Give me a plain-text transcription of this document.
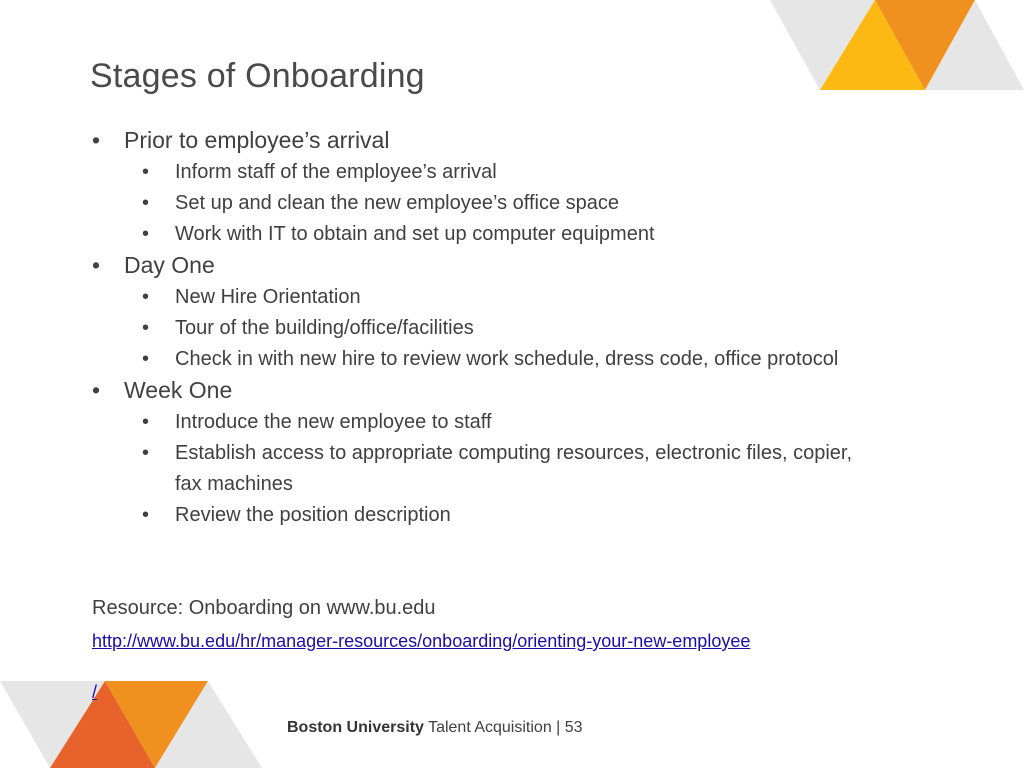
Stages of Onboarding
• Prior to employee’s arrival
• Inform staff of the employee’s arrival
• Set up and clean the new employee’s office space
• Work with IT to obtain and set up computer equipment
• Day One
• New Hire Orientation
• Tour of the building/office/facilities
• Check in with new hire to review work schedule, dress code, office protocol
• Week One
• Introduce the new employee to staff
• Establish access to appropriate computing resources, electronic files, copier, fax machines
• Review the position description
Resource: Onboarding on www.bu.edu
http://www.bu.edu/hr/manager-resources/onboarding/orienting-your-new-employee
/
Boston University Talent Acquisition | 53
